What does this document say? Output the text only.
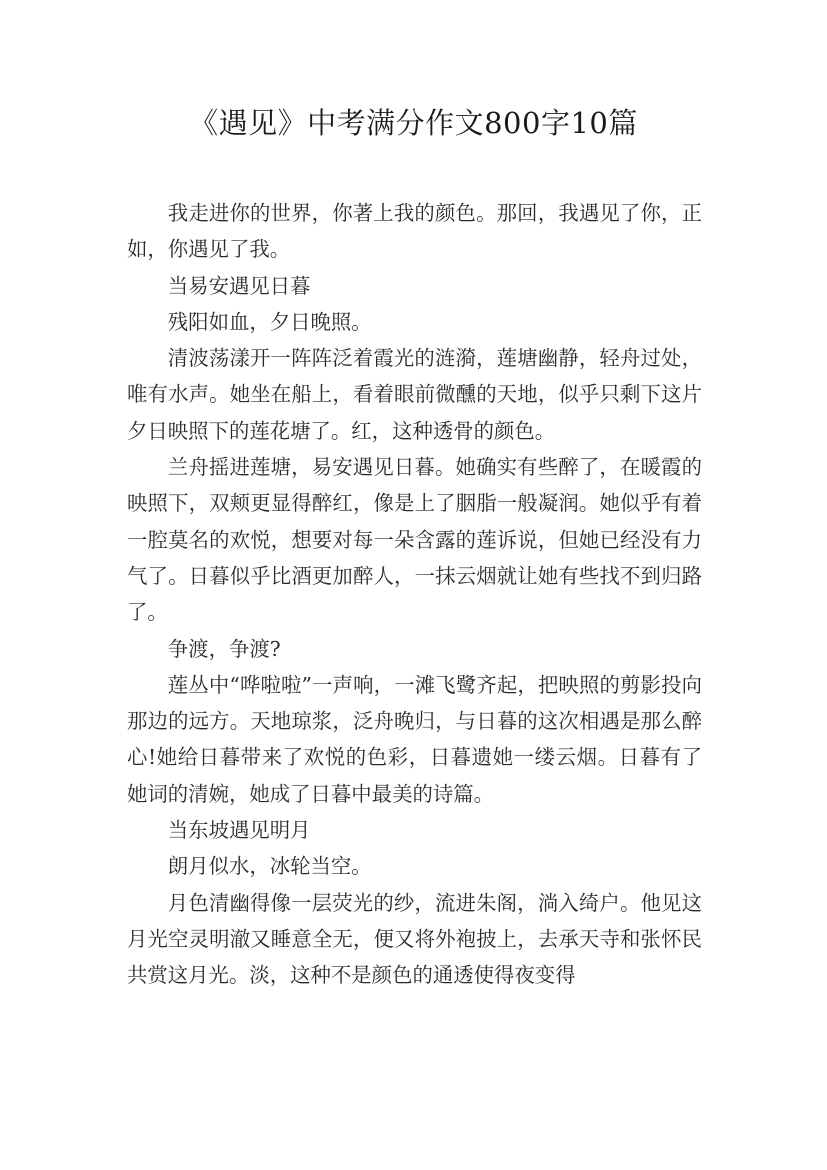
《遇见》中考满分作文800字10篇

我走进你的世界，你著上我的颜色。那回，我遇见了你，正如，你遇见了我。

当易安遇见日暮

残阳如血，夕日晚照。

清波荡漾开一阵阵泛着霞光的涟漪，莲塘幽静，轻舟过处，唯有水声。她坐在船上，看着眼前微醺的天地，似乎只剩下这片夕日映照下的莲花塘了。红，这种透骨的颜色。

兰舟摇进莲塘，易安遇见日暮。她确实有些醉了，在暖霞的映照下，双颊更显得醉红，像是上了胭脂一般凝润。她似乎有着一腔莫名的欢悦，想要对每一朵含露的莲诉说，但她已经没有力气了。日暮似乎比酒更加醉人，一抹云烟就让她有些找不到归路了。

争渡，争渡?

莲丛中“哗啦啦”一声响，一滩飞鹭齐起，把映照的剪影投向那边的远方。天地琼浆，泛舟晚归，与日暮的这次相遇是那么醉心!她给日暮带来了欢悦的色彩，日暮遗她一缕云烟。日暮有了她词的清婉，她成了日暮中最美的诗篇。

当东坡遇见明月

朗月似水，冰轮当空。

月色清幽得像一层荧光的纱，流进朱阁，淌入绮户。他见这月光空灵明澈又睡意全无，便又将外袍披上，去承天寺和张怀民共赏这月光。淡，这种不是颜色的通透使得夜变得
